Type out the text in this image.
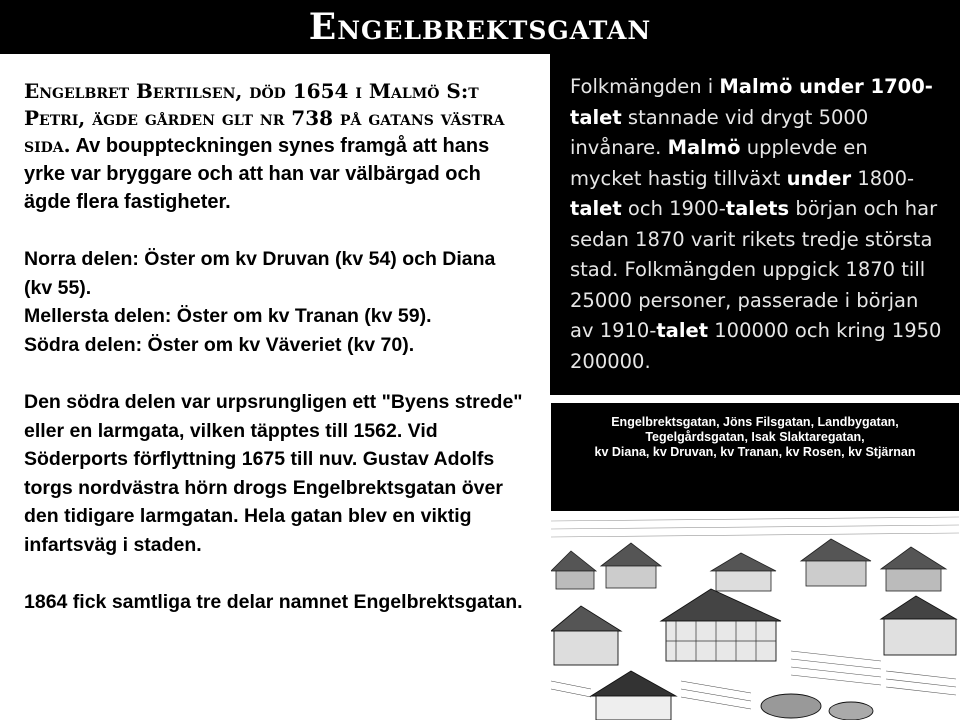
Engelbrektsgatan

Engelbret Bertilsen, död 1654 i Malmö S:t Petri, ägde gården glt nr 738 på gatans västra sida. Av bouppteckningen synes framgå att hans yrke var bryggare och att han var välbärgad och ägde flera fastigheter.

Norra delen: Öster om kv Druvan (kv 54) och Diana (kv 55).

Mellersta delen: Öster om kv Tranan (kv 59).

Södra delen: Öster om kv Väveriet (kv 70).

Den södra delen var urpsrungligen ett "Byens strede" eller en larmgata, vilken täpptes till 1562. Vid Söderports förflyttning 1675 till nuv. Gustav Adolfs torgs nordvästra hörn drogs Engelbrektsgatan över den tidigare larmgatan. Hela gatan blev en viktig infartsväg i staden.

1864 fick samtliga tre delar namnet Engelbrektsgatan.

Folkmängden i Malmö under 1700-talet stannade vid drygt 5000 invånare. Malmö upplevde en mycket hastig tillväxt under 1800-talet och 1900-talets början och har sedan 1870 varit rikets tredje största stad. Folkmängden uppgick 1870 till 25000 personer, passerade i början av 1910-talet 100000 och kring 1950 200000.

Engelbrektsgatan, Jöns Filsgatan, Landbygatan,
Tegelgårdsgatan, Isak Slaktaregatan,
kv Diana, kv Druvan, kv Tranan, kv Rosen, kv Stjärnan
